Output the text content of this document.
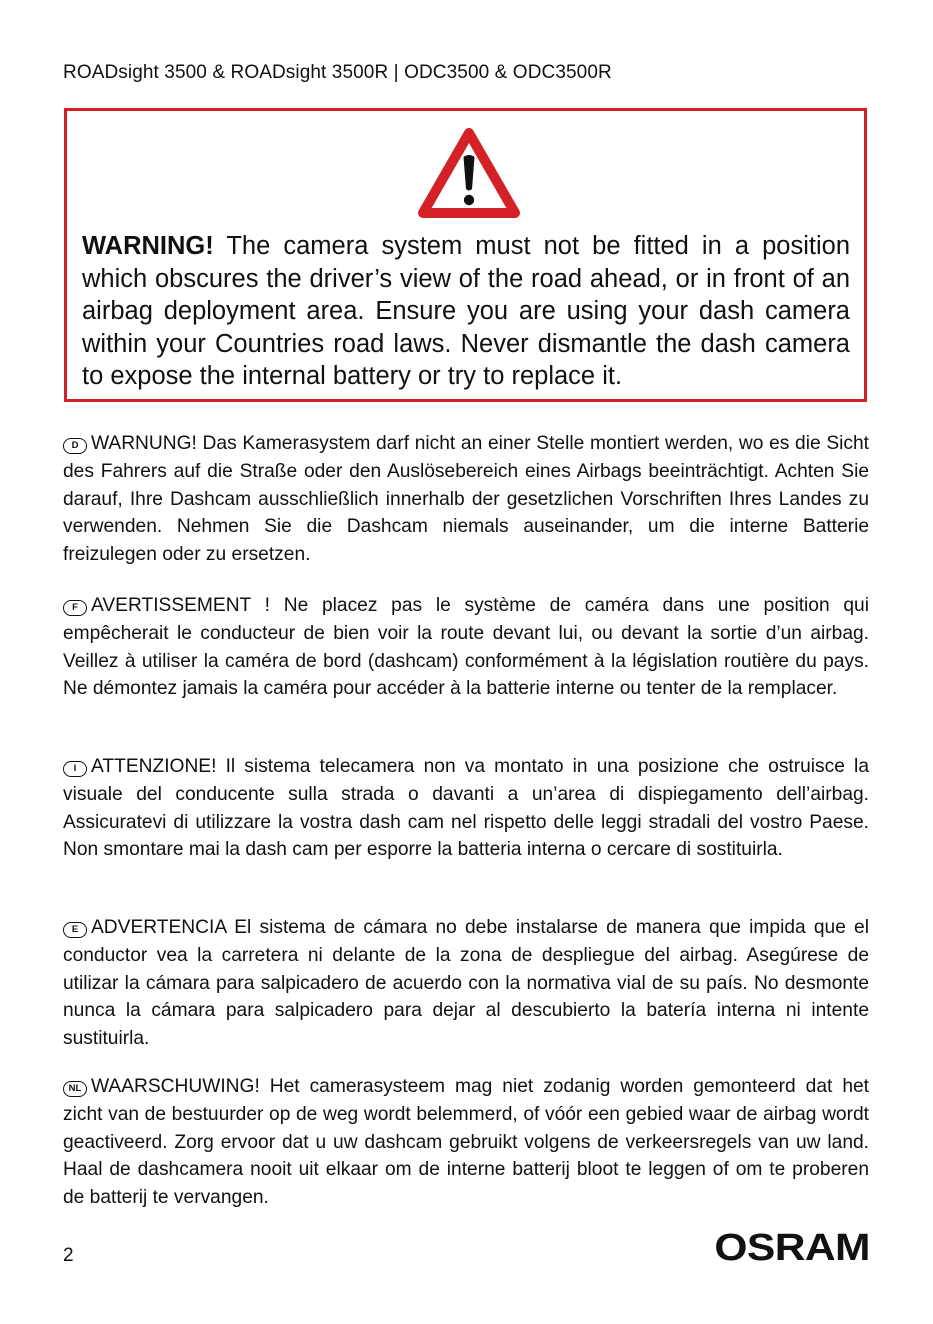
ROADsight 3500 & ROADsight 3500R | ODC3500 & ODC3500R

WARNING! The camera system must not be fitted in a position which obscures the driver’s view of the road ahead, or in front of an airbag deployment area. Ensure you are using your dash camera within your Countries road laws. Never dismantle the dash camera to expose the internal battery or try to replace it.

D WARNUNG! Das Kamerasystem darf nicht an einer Stelle montiert werden, wo es die Sicht des Fahrers auf die Straße oder den Auslösebereich eines Airbags beeinträchtigt. Achten Sie darauf, Ihre Dashcam ausschließlich innerhalb der gesetzlichen Vorschriften Ihres Landes zu verwenden. Nehmen Sie die Dashcam niemals auseinander, um die interne Batterie freizulegen oder zu ersetzen.

F AVERTISSEMENT ! Ne placez pas le système de caméra dans une position qui empêcherait le conducteur de bien voir la route devant lui, ou devant la sortie d’un airbag. Veillez à utiliser la caméra de bord (dashcam) conformément à la législation routière du pays. Ne démontez jamais la caméra pour accéder à la batterie interne ou tenter de la remplacer.

I ATTENZIONE! Il sistema telecamera non va montato in una posizione che ostruisce la visuale del conducente sulla strada o davanti a un’area di dispiegamento dell’airbag. Assicuratevi di utilizzare la vostra dash cam nel rispetto delle leggi stradali del vostro Paese. Non smontare mai la dash cam per esporre la batteria interna o cercare di sostituirla.

E ADVERTENCIA El sistema de cámara no debe instalarse de manera que impida que el conductor vea la carretera ni delante de la zona de despliegue del airbag. Asegúrese de utilizar la cámara para salpicadero de acuerdo con la normativa vial de su país. No desmonte nunca la cámara para salpicadero para dejar al descubierto la batería interna ni intente sustituirla.

NL WAARSCHUWING! Het camerasysteem mag niet zodanig worden gemonteerd dat het zicht van de bestuurder op de weg wordt belemmerd, of vóór een gebied waar de airbag wordt geactiveerd. Zorg ervoor dat u uw dashcam gebruikt volgens de verkeersregels van uw land. Haal de dashcamera nooit uit elkaar om de interne batterij bloot te leggen of om te proberen de batterij te vervangen.

2	OSRAM
